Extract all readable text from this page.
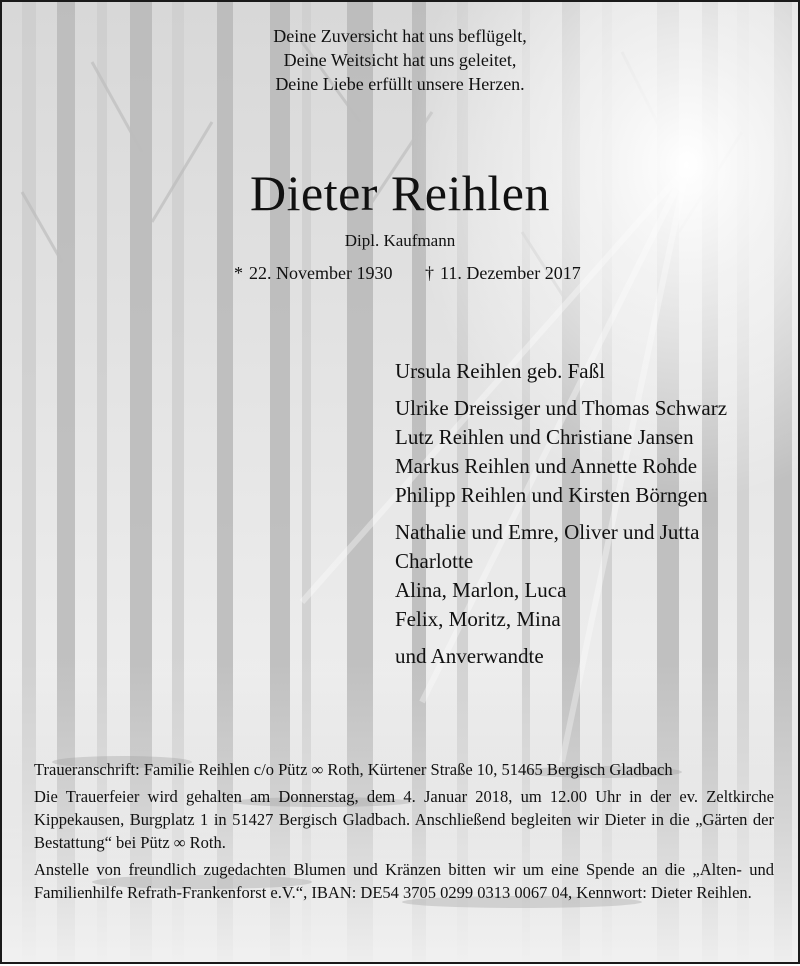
Deine Zuversicht hat uns beflügelt,
Deine Weitsicht hat uns geleitet,
Deine Liebe erfüllt unsere Herzen.
Dieter Reihlen
Dipl. Kaufmann
* 22. November 1930 † 11. Dezember 2017
Ursula Reihlen geb. Faßl
Ulrike Dreissiger und Thomas Schwarz
Lutz Reihlen und Christiane Jansen
Markus Reihlen und Annette Rohde
Philipp Reihlen und Kirsten Börngen
Nathalie und Emre, Oliver und Jutta
Charlotte
Alina, Marlon, Luca
Felix, Moritz, Mina
und Anverwandte

Traueranschrift: Familie Reihlen c/o Pütz ∞ Roth, Kürtener Straße 10, 51465 Bergisch Gladbach

Die Trauerfeier wird gehalten am Donnerstag, dem 4. Januar 2018, um 12.00 Uhr in der ev. Zeltkirche Kippekausen, Burgplatz 1 in 51427 Bergisch Gladbach. Anschließend begleiten wir Dieter in die „Gärten der Bestattung“ bei Pütz ∞ Roth.

Anstelle von freundlich zugedachten Blumen und Kränzen bitten wir um eine Spende an die „Alten- und Familienhilfe Refrath-Frankenforst e.V.“, IBAN: DE54 3705 0299 0313 0067 04, Kennwort: Dieter Reihlen.
